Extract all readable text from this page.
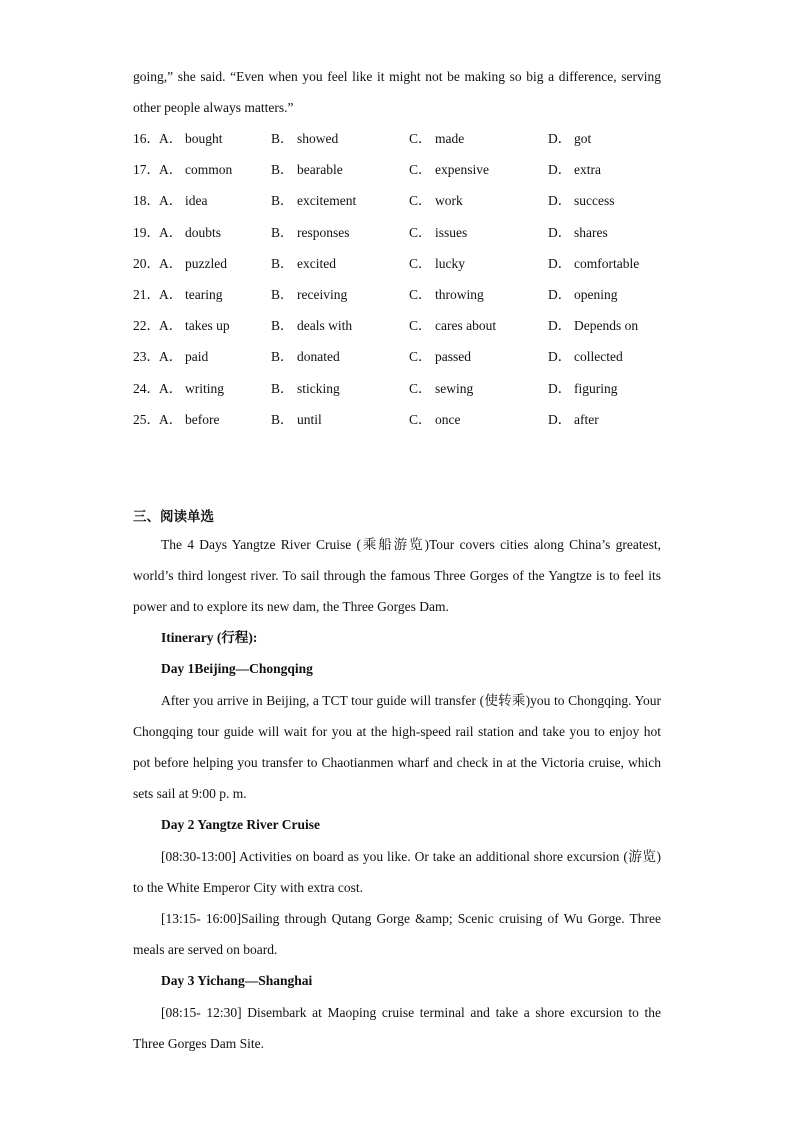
going,” she said. “Even when you feel like it might not be making so big a difference, serving other people always matters.”

16． A． bought	B． showed	C． made	D． got
17． A． common	B． bearable	C． expensive	D． extra
18． A． idea	B． excitement	C． work	D． success
19． A． doubts	B． responses	C． issues	D． shares
20． A． puzzled	B． excited	C． lucky	D． comfortable
21． A． tearing	B． receiving	C． throwing	D． opening
22． A． takes up	B． deals with	C． cares about	D． Depends on
23． A． paid	B． donated	C． passed	D． collected
24． A． writing	B． sticking	C． sewing	D． figuring
25． A． before	B． until	C． once	D． after
三、阅读单选

The 4 Days Yangtze River Cruise (乘船游览)Tour covers cities along China’s greatest, world’s third longest river. To sail through the famous Three Gorges of the Yangtze is to feel its power and to explore its new dam, the Three Gorges Dam.

Itinerary (行程):
Day 1Beijing—Chongqing

After you arrive in Beijing, a TCT tour guide will transfer (使转乘)you to Chongqing. Your Chongqing tour guide will wait for you at the high-speed rail station and take you to enjoy hot pot before helping you transfer to Chaotianmen wharf and check in at the Victoria cruise, which sets sail at 9:00 p. m.

Day 2 Yangtze River Cruise

[08:30-13:00] Activities on board as you like. Or take an additional shore excursion (游览) to the White Emperor City with extra cost.

[13:15- 16:00]Sailing through Qutang Gorge &amp; Scenic cruising of Wu Gorge. Three meals are served on board.

Day 3 Yichang—Shanghai

[08:15- 12:30] Disembark at Maoping cruise terminal and take a shore excursion to the Three Gorges Dam Site.
